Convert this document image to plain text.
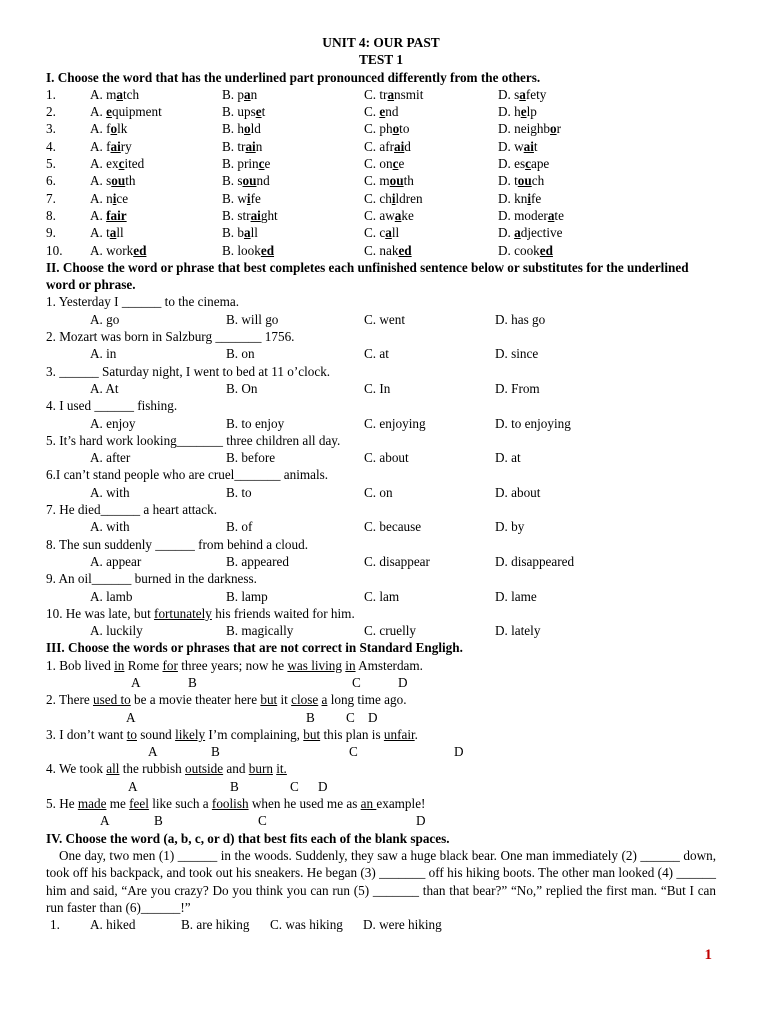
UNIT 4: OUR PAST
TEST 1
I. Choose the word that has the underlined part pronounced differently from the others.
1.	A. match	B. pan	C. transmit	D. safety
2.	A. equipment	B. upset	C. end	D. help
3.	A. folk	B. hold	C. photo	D. neighbor
4.	A. fairy	B. train	C. afraid	D. wait
5.	A. excited	B. prince	C. once	D. escape
6.	A. south	B. sound	C. mouth	D. touch
7.	A. nice	B. wife	C. children	D. knife
8.	A. fair	B. straight	C. awake	D. moderate
9.	A. tall	B. ball	C. call	D. adjective
10.	A. worked	B. looked	C. naked	D. cooked
II. Choose the word or phrase that best completes each unfinished sentence below or substitutes for the underlined word or phrase.
1. Yesterday I ______ to the cinema.
A. go	B. will go	C. went	D. has go
2. Mozart was born in Salzburg _______ 1756.
A. in	B. on	C. at	D. since
3. ______ Saturday night, I went to bed at 11 o’clock.
A. At	B. On	C. In	D. From
4. I used ______ fishing.
A. enjoy	B. to enjoy	C. enjoying	D. to enjoying
5. It’s hard work looking_______ three children all day.
A. after	B. before	C. about	D. at
6.I can’t stand people who are cruel_______ animals.
A. with	B. to	C. on	D. about
7. He died______ a heart attack.
A. with	B. of	C. because	D. by
8. The sun suddenly ______ from behind a cloud.
A. appear	B. appeared	C. disappear	D. disappeared
9. An oil______ burned in the darkness.
A. lamb	B. lamp	C. lam	D. lame
10. He was late, but fortunately his friends waited for him.
A. luckily	B. magically	C. cruelly	D. lately
III. Choose the words or phrases that are not correct in Standard Engligh.
1. Bob lived in Rome for three years; now he was living in Amsterdam.
A	B	C	D
2. There used to be a movie theater here but it close a long time ago.
A	B C D
3. I don’t want to sound likely I’m complaining, but this plan is unfair.
A	B	C	D
4. We took all the rubbish outside and burn it.
A	B	C D
5. He made me feel like such a foolish when he used me as an example!
A	B	C	D
IV. Choose the word (a, b, c, or d) that best fits each of the blank spaces.
One day, two men (1) ______ in the woods. Suddenly, they saw a huge black bear. One man immediately (2) ______ down, took off his backpack, and took out his sneakers. He began (3) _______ off his hiking boots. The other man looked (4) ______ him and said, “Are you crazy? Do you think you can run (5) _______ than that bear?” “No,” replied the first man. “But I can run faster than (6)______!”
1.	A. hiked	B. are hiking	C. was hiking	D. were hiking
1
